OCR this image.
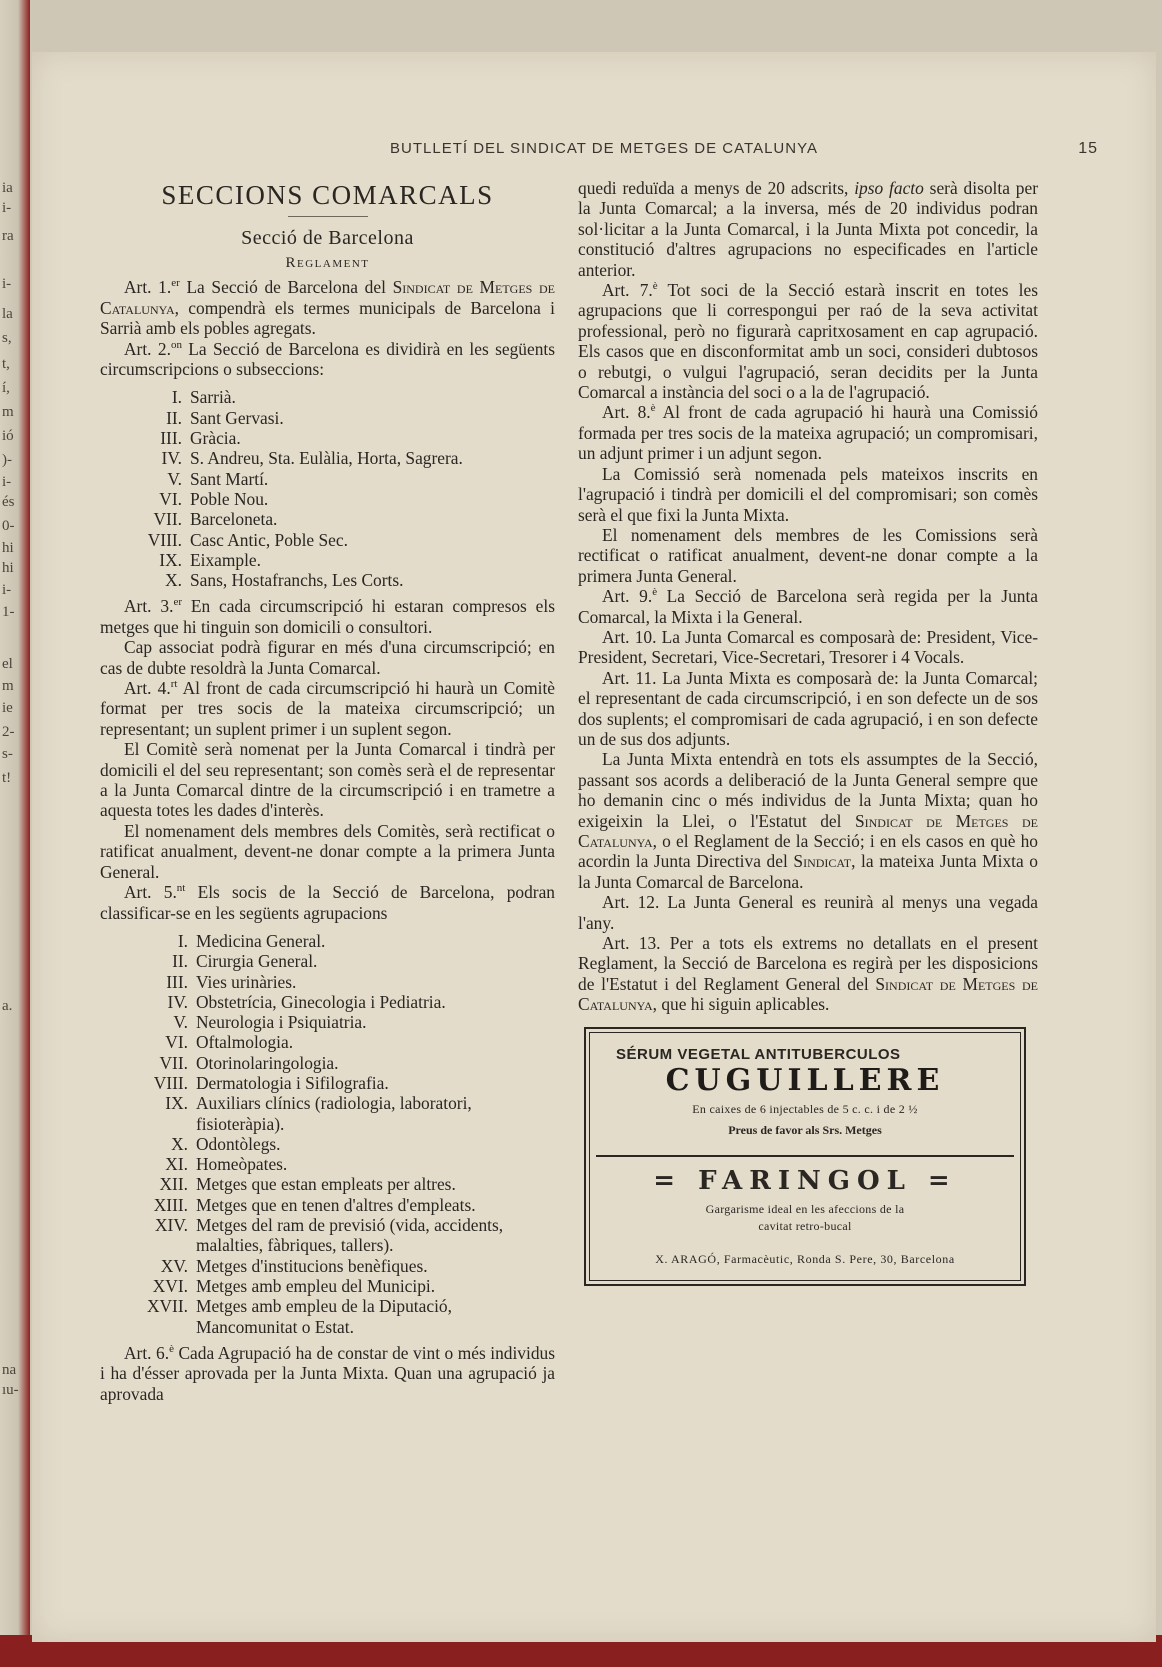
ia
i-
ra
i-
la
s,
t,
í,
m
ió
)-
i-
és
0-
hi
hi
i-
1-
el
m
ie
2-
s-
t!
a.
na
ıu-
BUTLLETÍ DEL SINDICAT DE METGES DE CATALUNYA	15
SECCIONS COMARCALS
Secció de Barcelona
Reglament

Art. 1.$^{er}$ La Secció de Barcelona del Sindicat de Metges de Catalunya, compendrà els termes municipals de Barcelona i Sarrià amb els pobles agregats.

Art. 2.$^{on}$ La Secció de Barcelona es dividirà en les següents circumscripcions o subseccions:

I. Sarrià.
II. Sant Gervasi.
III. Gràcia.
IV. S. Andreu, Sta. Eulàlia, Horta, Sagrera.
V. Sant Martí.
VI. Poble Nou.
VII. Barceloneta.
VIII. Casc Antic, Poble Sec.
IX. Eixample.
X. Sans, Hostafranchs, Les Corts.

Art. 3.$^{er}$ En cada circumscripció hi estaran compresos els metges que hi tinguin son domicili o consultori.

Cap associat podrà figurar en més d'una circumscripció; en cas de dubte resoldrà la Junta Comarcal.

Art. 4.$^{rt}$ Al front de cada circumscripció hi haurà un Comitè format per tres socis de la mateixa circumscripció; un representant; un suplent primer i un suplent segon.

El Comitè serà nomenat per la Junta Comarcal i tindrà per domicili el del seu representant; son comès serà el de representar a la Junta Comarcal dintre de la circumscripció i en trametre a aquesta totes les dades d'interès.

El nomenament dels membres dels Comitès, serà rectificat o ratificat anualment, devent-ne donar compte a la primera Junta General.

Art. 5.$^{nt}$ Els socis de la Secció de Barcelona, podran classificar-se en les següents agrupacions

I. Medicina General.
II. Cirurgia General.
III. Vies urinàries.
IV. Obstetrícia, Ginecologia i Pediatria.
V. Neurologia i Psiquiatria.
VI. Oftalmologia.
VII. Otorinolaringologia.
VIII. Dermatologia i Sifilografia.
IX. Auxiliars clínics (radiologia, laboratori, fisioteràpia).
X. Odontòlegs.
XI. Homeòpates.
XII. Metges que estan empleats per altres.
XIII. Metges que en tenen d'altres d'empleats.
XIV. Metges del ram de previsió (vida, accidents, malalties, fàbriques, tallers).
XV. Metges d'institucions benèfiques.
XVI. Metges amb empleu del Municipi.
XVII. Metges amb empleu de la Diputació, Mancomunitat o Estat.

Art. 6.$^è$ Cada Agrupació ha de constar de vint o més individus i ha d'ésser aprovada per la Junta Mixta. Quan una agrupació ja aprovada

quedi reduïda a menys de 20 adscrits, ipso facto serà disolta per la Junta Comarcal; a la inversa, més de 20 individus podran sol·licitar a la Junta Comarcal, i la Junta Mixta pot concedir, la constitució d'altres agrupacions no especificades en l'article anterior.

Art. 7.$^è$ Tot soci de la Secció estarà inscrit en totes les agrupacions que li correspongui per raó de la seva activitat professional, però no figurarà capritxosament en cap agrupació. Els casos que en disconformitat amb un soci, consideri dubtosos o rebutgi, o vulgui l'agrupació, seran decidits per la Junta Comarcal a instància del soci o a la de l'agrupació.

Art. 8.$^è$ Al front de cada agrupació hi haurà una Comissió formada per tres socis de la mateixa agrupació; un compromisari, un adjunt primer i un adjunt segon.

La Comissió serà nomenada pels mateixos inscrits en l'agrupació i tindrà per domicili el del compromisari; son comès serà el que fixi la Junta Mixta.

El nomenament dels membres de les Comissions serà rectificat o ratificat anualment, devent-ne donar compte a la primera Junta General.

Art. 9.$^è$ La Secció de Barcelona serà regida per la Junta Comarcal, la Mixta i la General.

Art. 10. La Junta Comarcal es composarà de: President, Vice-President, Secretari, Vice-Secretari, Tresorer i 4 Vocals.

Art. 11. La Junta Mixta es composarà de: la Junta Comarcal; el representant de cada circumscripció, i en son defecte un de sos dos suplents; el compromisari de cada agrupació, i en son defecte un de sus dos adjunts.

La Junta Mixta entendrà en tots els assumptes de la Secció, passant sos acords a deliberació de la Junta General sempre que ho demanin cinc o més individus de la Junta Mixta; quan ho exigeixin la Llei, o l'Estatut del Sindicat de Metges de Catalunya, o el Reglament de la Secció; i en els casos en què ho acordin la Junta Directiva del Sindicat, la mateixa Junta Mixta o la Junta Comarcal de Barcelona.

Art. 12. La Junta General es reunirà al menys una vegada l'any.

Art. 13. Per a tots els extrems no detallats en el present Reglament, la Secció de Barcelona es regirà per les disposicions de l'Estatut i del Reglament General del Sindicat de Metges de Catalunya, que hi siguin aplicables.

SÉRUM VEGETAL ANTITUBERCULOS
CUGUILLERE
En caixes de 6 injectables de 5 c. c. i de 2 ½
Preus de favor als Srs. Metges
= FARINGOL =
Gargarisme ideal en les afeccions de la
cavitat retro-bucal
X. ARAGÓ, Farmacèutic, Ronda S. Pere, 30, Barcelona
